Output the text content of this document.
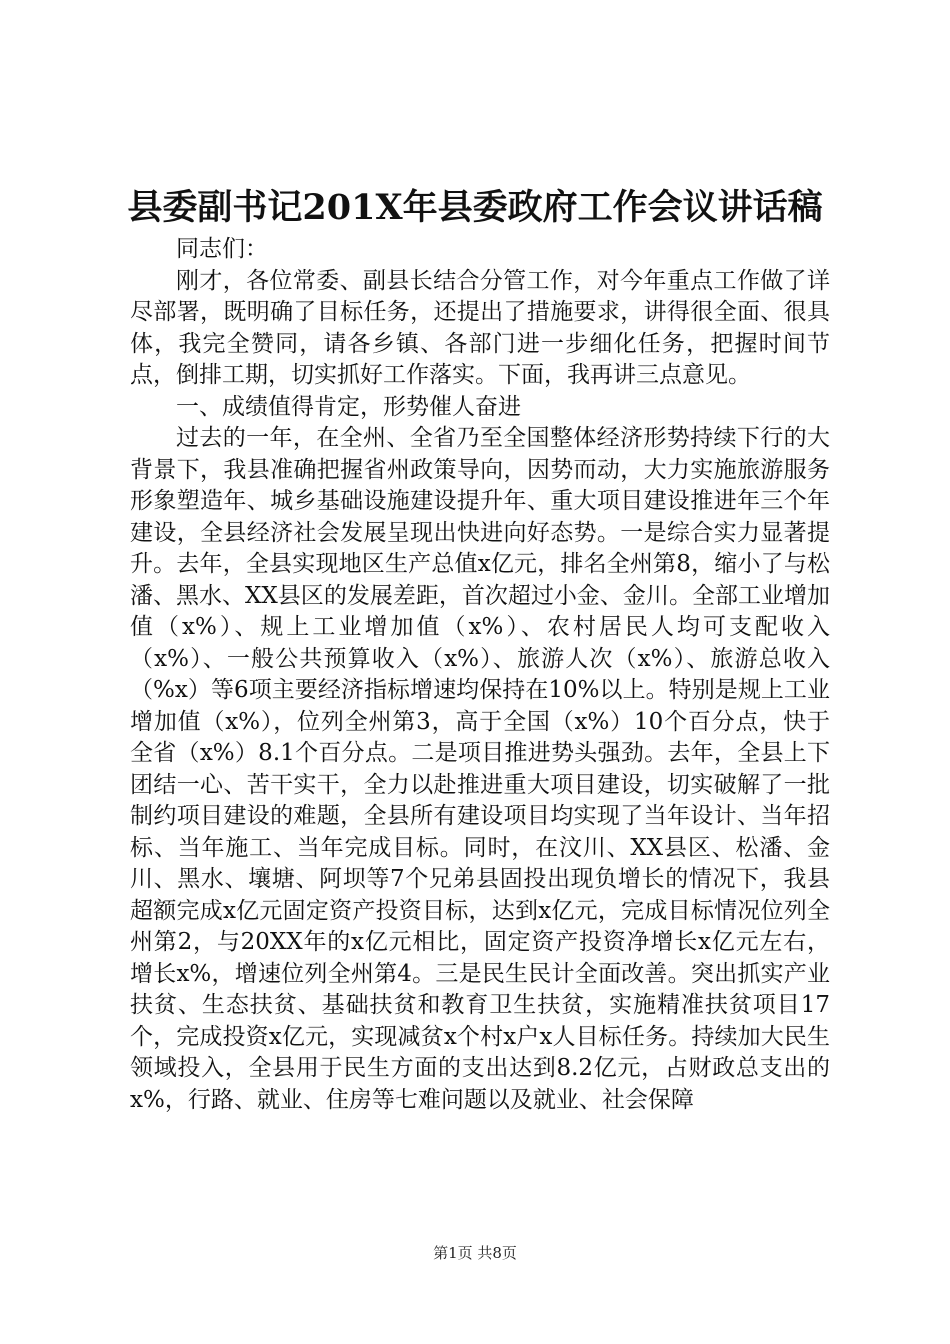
县委副书记201X年县委政府工作会议讲话稿

同志们：

刚才，各位常委、副县长结合分管工作，对今年重点工作做了详尽部署，既明确了目标任务，还提出了措施要求，讲得很全面、很具体，我完全赞同，请各乡镇、各部门进一步细化任务，把握时间节点，倒排工期，切实抓好工作落实。下面，我再讲三点意见。

一、成绩值得肯定，形势催人奋进

过去的一年，在全州、全省乃至全国整体经济形势持续下行的大背景下，我县准确把握省州政策导向，因势而动，大力实施旅游服务形象塑造年、城乡基础设施建设提升年、重大项目建设推进年三个年建设，全县经济社会发展呈现出快进向好态势。一是综合实力显著提升。去年，全县实现地区生产总值x亿元，排名全州第8，缩小了与松潘、黑水、XX县区的发展差距，首次超过小金、金川。全部工业增加值（x%）、规上工业增加值（x%）、农村居民人均可支配收入（x%）、一般公共预算收入（x%）、旅游人次（x%）、旅游总收入（%x）等6项主要经济指标增速均保持在10%以上。特别是规上工业增加值（x%），位列全州第3，高于全国（x%）10个百分点，快于全省（x%）8.1个百分点。二是项目推进势头强劲。去年，全县上下团结一心、苦干实干，全力以赴推进重大项目建设，切实破解了一批制约项目建设的难题，全县所有建设项目均实现了当年设计、当年招标、当年施工、当年完成目标。同时，在汶川、XX县区、松潘、金川、黑水、壤塘、阿坝等7个兄弟县固投出现负增长的情况下，我县超额完成x亿元固定资产投资目标，达到x亿元，完成目标情况位列全州第2，与20XX年的x亿元相比，固定资产投资净增长x亿元左右，增长x%，增速位列全州第4。三是民生民计全面改善。突出抓实产业扶贫、生态扶贫、基础扶贫和教育卫生扶贫，实施精准扶贫项目17个，完成投资x亿元，实现减贫x个村x户x人目标任务。持续加大民生领域投入，全县用于民生方面的支出达到8.2亿元，占财政总支出的x%，行路、就业、住房等七难问题以及就业、社会保障

第1页 共8页
